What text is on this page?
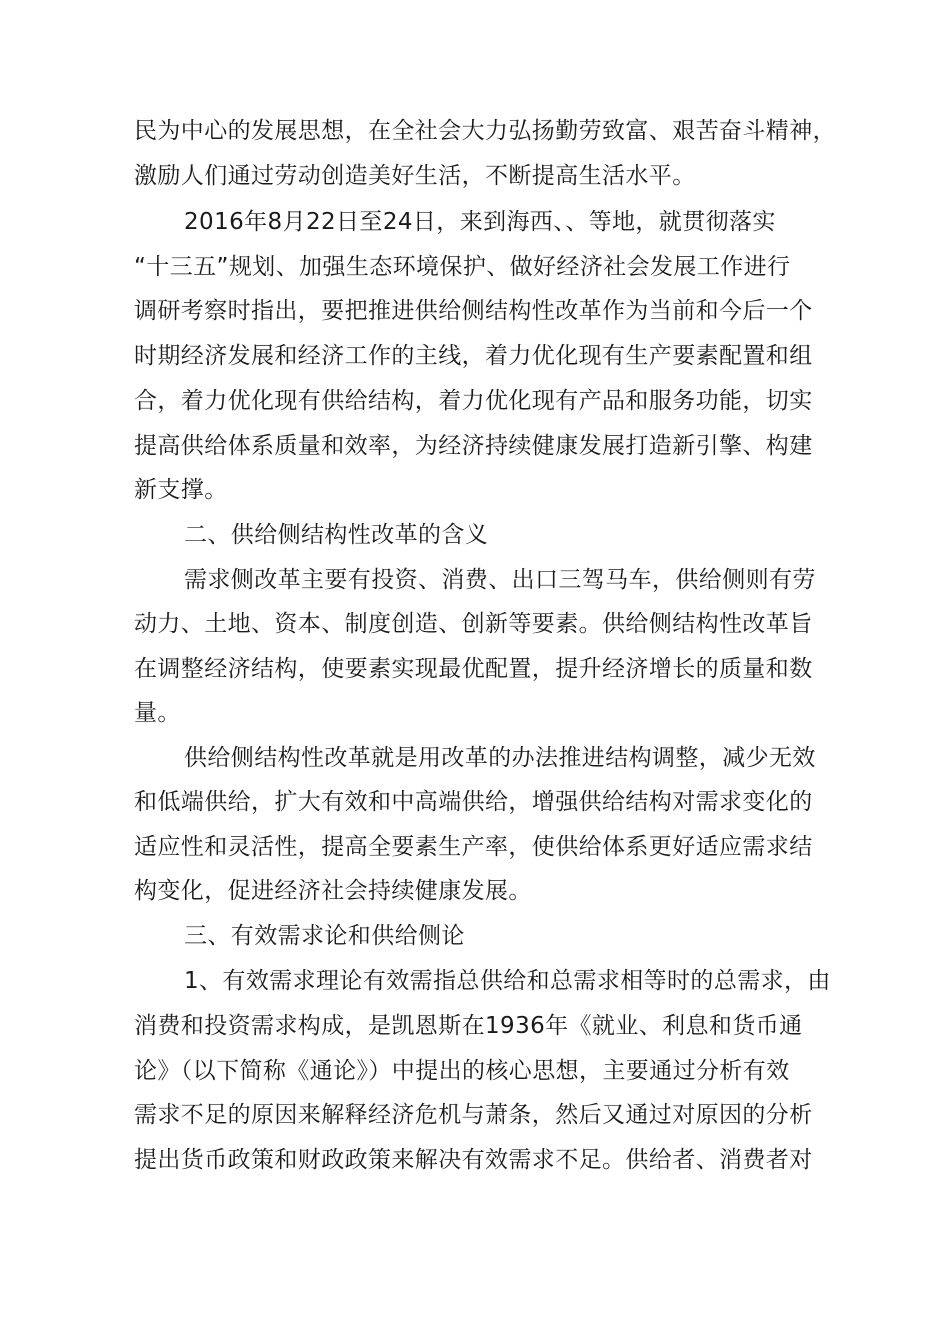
民为中心的发展思想，在全社会大力弘扬勤劳致富、艰苦奋斗精神，
激励人们通过劳动创造美好生活，不断提高生活水平。
2016年8月22日至24日，来到海西、、等地，就贯彻落实
“十三五”规划、加强生态环境保护、做好经济社会发展工作进行
调研考察时指出，要把推进供给侧结构性改革作为当前和今后一个
时期经济发展和经济工作的主线，着力优化现有生产要素配置和组
合，着力优化现有供给结构，着力优化现有产品和服务功能，切实
提高供给体系质量和效率，为经济持续健康发展打造新引擎、构建
新支撑。
二、供给侧结构性改革的含义
需求侧改革主要有投资、消费、出口三驾马车，供给侧则有劳
动力、土地、资本、制度创造、创新等要素。供给侧结构性改革旨
在调整经济结构，使要素实现最优配置，提升经济增长的质量和数
量。
供给侧结构性改革就是用改革的办法推进结构调整，减少无效
和低端供给，扩大有效和中高端供给，增强供给结构对需求变化的
适应性和灵活性，提高全要素生产率，使供给体系更好适应需求结
构变化，促进经济社会持续健康发展。
三、有效需求论和供给侧论
1、有效需求理论有效需指总供给和总需求相等时的总需求，由
消费和投资需求构成，是凯恩斯在1936年《就业、利息和货币通
论》（以下简称《通论》）中提出的核心思想，主要通过分析有效
需求不足的原因来解释经济危机与萧条，然后又通过对原因的分析
提出货币政策和财政政策来解决有效需求不足。供给者、消费者对
